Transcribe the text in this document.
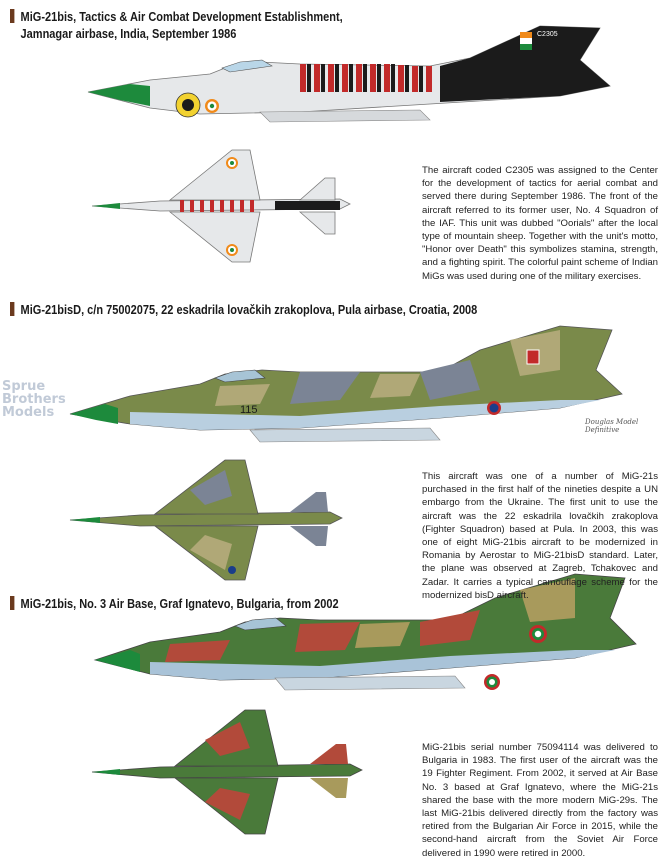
MiG-21bis, Tactics & Air Combat Development Establishment,
Jamnagar airbase, India, September 1986	C2305
115
114
The aircraft coded C2305 was assigned to the Center for the development of tactics for aerial combat and served there during September 1986. The front of the aircraft referred to its former user, No. 4 Squadron of the IAF. This unit was dubbed "Oorials" after the local type of mountain sheep. Together with the unit's motto, "Honor over Death" this symbolizes stamina, strength, and a fighting spirit. The colorful paint scheme of Indian MiGs was used during one of the military exercises.
MiG-21bisD, c/n 75002075, 22 eskadrila lovačkih zrakoplova, Pula airbase, Croatia, 2008
Sprue
Brothers
Models
Douglas Model Definitive
This aircraft was one of a number of MiG-21s purchased in the first half of the nineties despite a UN embargo from the Ukraine. The first unit to use the aircraft was the 22 eskadrila lovačkih zrakoplova (Fighter Squadron) based at Pula. In 2003, this was one of eight MiG-21bis aircraft to be modernized in Romania by Aerostar to MiG-21bisD standard. Later, the plane was observed at Zagreb, Tchakovec and Zadar. It carries a typical camouflage scheme for the modernized bisD aircraft.
MiG-21bis, No. 3 Air Base, Graf Ignatevo, Bulgaria, from 2002
MiG-21bis serial number 75094114 was delivered to Bulgaria in 1983. The first user of the aircraft was the 19 Fighter Regiment. From 2002, it served at Air Base No. 3 based at Graf Ignatevo, where the MiG-21s shared the base with the more modern MiG-29s. The last MiG-21bis delivered directly from the factory was retired from the Bulgarian Air Force in 2015, while the second-hand aircraft from the Soviet Air Force delivered in 1990 were retired in 2000.
